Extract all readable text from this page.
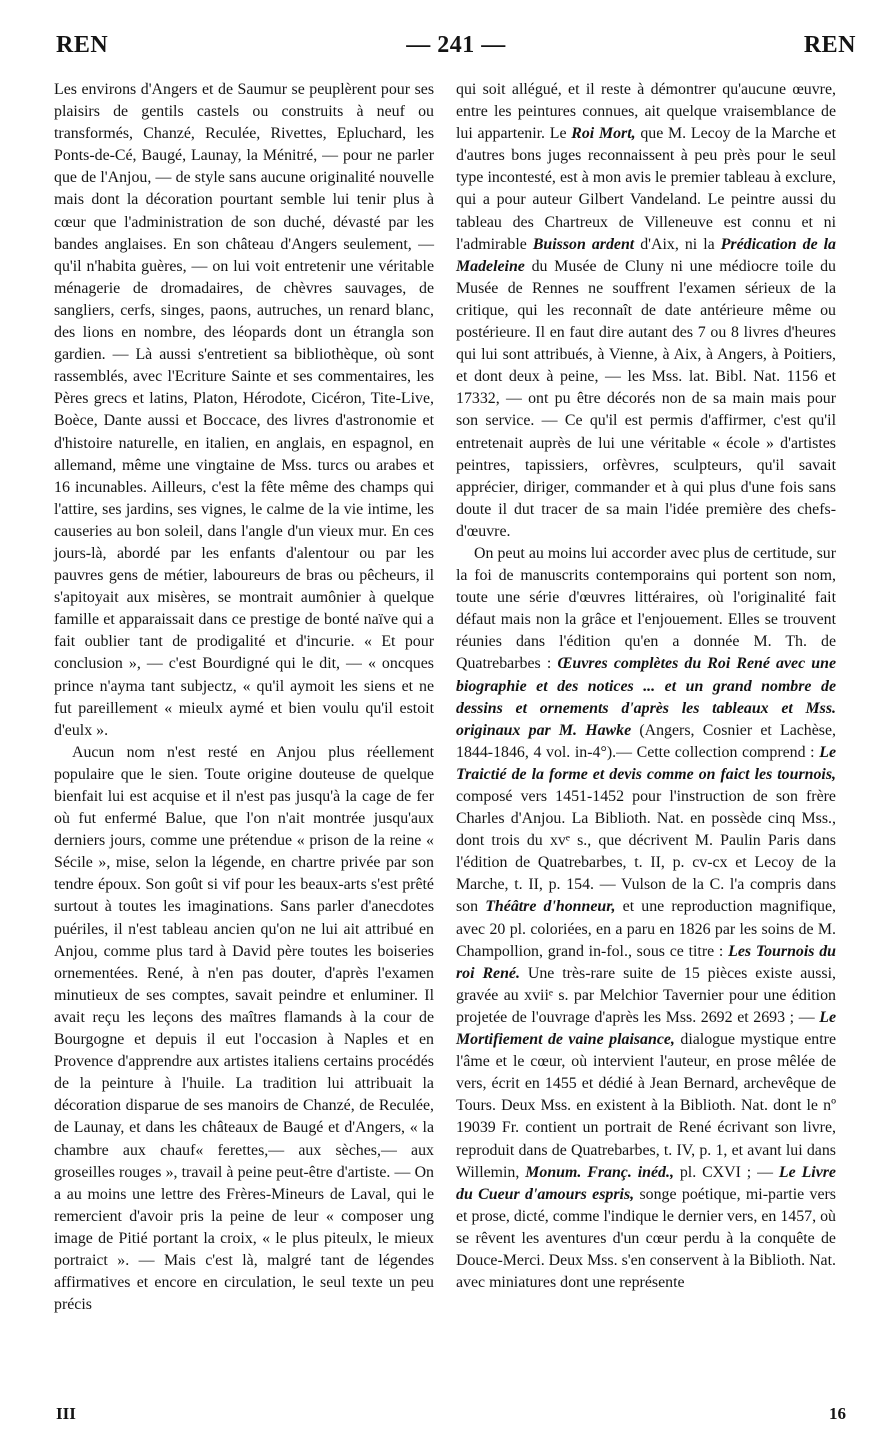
REN	— 241 —	REN

Les environs d'Angers et de Saumur se peuplèrent pour ses plaisirs de gentils castels ou construits à neuf ou transformés, Chanzé, Reculée, Rivettes, Epluchard, les Ponts-de-Cé, Baugé, Launay, la Ménitré, — pour ne parler que de l'Anjou, — de style sans aucune originalité nouvelle mais dont la décoration pourtant semble lui tenir plus à cœur que l'administration de son duché, dévasté par les bandes anglaises. En son château d'Angers seulement, — qu'il n'habita guères, — on lui voit entretenir une véritable ménagerie de dromadaires, de chèvres sauvages, de sangliers, cerfs, singes, paons, autruches, un renard blanc, des lions en nombre, des léopards dont un étrangla son gardien. — Là aussi s'entretient sa bibliothèque, où sont rassemblés, avec l'Ecriture Sainte et ses commentaires, les Pères grecs et latins, Platon, Hérodote, Cicéron, Tite-Live, Boèce, Dante aussi et Boccace, des livres d'astronomie et d'histoire naturelle, en italien, en anglais, en espagnol, en allemand, même une vingtaine de Mss. turcs ou arabes et 16 incunables. Ailleurs, c'est la fête même des champs qui l'attire, ses jardins, ses vignes, le calme de la vie intime, les causeries au bon soleil, dans l'angle d'un vieux mur. En ces jours-là, abordé par les enfants d'alentour ou par les pauvres gens de métier, laboureurs de bras ou pêcheurs, il s'apitoyait aux misères, se montrait aumônier à quelque famille et apparaissait dans ce prestige de bonté naïve qui a fait oublier tant de prodigalité et d'incurie. « Et pour conclusion », — c'est Bourdigné qui le dit, — « oncques prince n'ayma tant subjectz, « qu'il aymoit les siens et ne fut pareillement « mieulx aymé et bien voulu qu'il estoit d'eulx ».

Aucun nom n'est resté en Anjou plus réellement populaire que le sien. Toute origine douteuse de quelque bienfait lui est acquise et il n'est pas jusqu'à la cage de fer où fut enfermé Balue, que l'on n'ait montrée jusqu'aux derniers jours, comme une prétendue « prison de la reine « Sécile », mise, selon la légende, en chartre privée par son tendre époux. Son goût si vif pour les beaux-arts s'est prêté surtout à toutes les imaginations. Sans parler d'anecdotes puériles, il n'est tableau ancien qu'on ne lui ait attribué en Anjou, comme plus tard à David père toutes les boiseries ornementées. René, à n'en pas douter, d'après l'examen minutieux de ses comptes, savait peindre et enluminer. Il avait reçu les leçons des maîtres flamands à la cour de Bourgogne et depuis il eut l'occasion à Naples et en Provence d'apprendre aux artistes italiens certains procédés de la peinture à l'huile. La tradition lui attribuait la décoration disparue de ses manoirs de Chanzé, de Reculée, de Launay, et dans les châteaux de Baugé et d'Angers, « la chambre aux chauf« ferettes,— aux sèches,— aux groseilles rouges », travail à peine peut-être d'artiste. — On a au moins une lettre des Frères-Mineurs de Laval, qui le remercient d'avoir pris la peine de leur « composer ung image de Pitié portant la croix, « le plus piteulx, le mieux portraict ». — Mais c'est là, malgré tant de légendes affirmatives et encore en circulation, le seul texte un peu précis

qui soit allégué, et il reste à démontrer qu'aucune œuvre, entre les peintures connues, ait quelque vraisemblance de lui appartenir. Le Roi Mort, que M. Lecoy de la Marche et d'autres bons juges reconnaissent à peu près pour le seul type incontesté, est à mon avis le premier tableau à exclure, qui a pour auteur Gilbert Vandeland. Le peintre aussi du tableau des Chartreux de Villeneuve est connu et ni l'admirable Buisson ardent d'Aix, ni la Prédication de la Madeleine du Musée de Cluny ni une médiocre toile du Musée de Rennes ne souffrent l'examen sérieux de la critique, qui les reconnaît de date antérieure même ou postérieure. Il en faut dire autant des 7 ou 8 livres d'heures qui lui sont attribués, à Vienne, à Aix, à Angers, à Poitiers, et dont deux à peine, — les Mss. lat. Bibl. Nat. 1156 et 17332, — ont pu être décorés non de sa main mais pour son service. — Ce qu'il est permis d'affirmer, c'est qu'il entretenait auprès de lui une véritable « école » d'artistes peintres, tapissiers, orfèvres, sculpteurs, qu'il savait apprécier, diriger, commander et à qui plus d'une fois sans doute il dut tracer de sa main l'idée première des chefs-d'œuvre.

On peut au moins lui accorder avec plus de certitude, sur la foi de manuscrits contemporains qui portent son nom, toute une série d'œuvres littéraires, où l'originalité fait défaut mais non la grâce et l'enjouement. Elles se trouvent réunies dans l'édition qu'en a donnée M. Th. de Quatrebarbes : Œuvres complètes du Roi René avec une biographie et des notices ... et un grand nombre de dessins et ornements d'après les tableaux et Mss. originaux par M. Hawke (Angers, Cosnier et Lachèse, 1844-1846, 4 vol. in-4°).— Cette collection comprend : Le Traictié de la forme et devis comme on faict les tournois, composé vers 1451-1452 pour l'instruction de son frère Charles d'Anjou. La Biblioth. Nat. en possède cinq Mss., dont trois du xvᵉ s., que décrivent M. Paulin Paris dans l'édition de Quatrebarbes, t. II, p. cv-cx et Lecoy de la Marche, t. II, p. 154. — Vulson de la C. l'a compris dans son Théâtre d'honneur, et une reproduction magnifique, avec 20 pl. coloriées, en a paru en 1826 par les soins de M. Champollion, grand in-fol., sous ce titre : Les Tournois du roi René. Une très-rare suite de 15 pièces existe aussi, gravée au xviiᵉ s. par Melchior Tavernier pour une édition projetée de l'ouvrage d'après les Mss. 2692 et 2693 ; — Le Mortifiement de vaine plaisance, dialogue mystique entre l'âme et le cœur, où intervient l'auteur, en prose mêlée de vers, écrit en 1455 et dédié à Jean Bernard, archevêque de Tours. Deux Mss. en existent à la Biblioth. Nat. dont le nº 19039 Fr. contient un portrait de René écrivant son livre, reproduit dans de Quatrebarbes, t. IV, p. 1, et avant lui dans Willemin, Monum. Franç. inéd., pl. CXVI ; — Le Livre du Cueur d'amours espris, songe poétique, mi-partie vers et prose, dicté, comme l'indique le dernier vers, en 1457, où se rêvent les aventures d'un cœur perdu à la conquête de Douce-Merci. Deux Mss. s'en conservent à la Biblioth. Nat. avec miniatures dont une représente

III	16
